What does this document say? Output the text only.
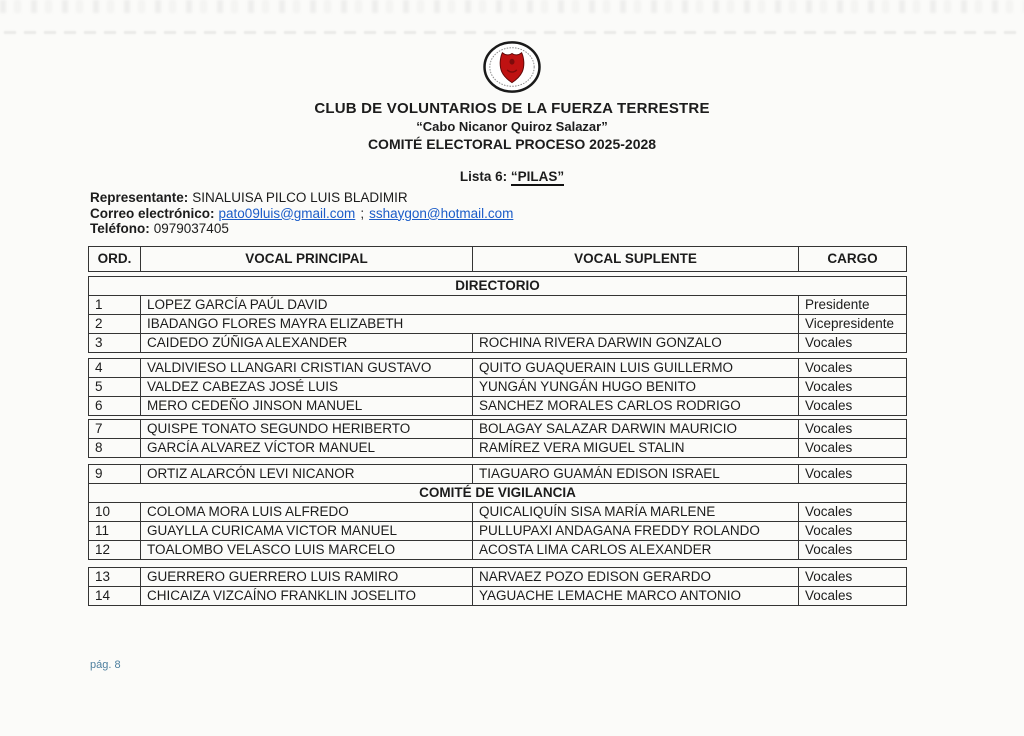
CLUB DE VOLUNTARIOS DE LA FUERZA TERRESTRE
“Cabo Nicanor Quiroz Salazar”
COMITÉ ELECTORAL PROCESO 2025-2028
Lista 6: “PILAS”
Representante: SINALUISA PILCO LUIS BLADIMIR
Correo electrónico: pato09luis@gmail.com ; sshaygon@hotmail.com
Teléfono: 0979037405
ORD.	VOCAL PRINCIPAL	VOCAL SUPLENTE	CARGO

DIRECTORIO			
1	LOPEZ GARCÍA PAÚL DAVID		Presidente
2	IBADANGO FLORES MAYRA ELIZABETH		Vicepresidente
3	CAIDEDO ZÚÑIGA ALEXANDER	ROCHINA RIVERA DARWIN GONZALO	Vocales

4	VALDIVIESO LLANGARI CRISTIAN GUSTAVO	QUITO GUAQUERAIN LUIS GUILLERMO	Vocales
5	VALDEZ CABEZAS JOSÉ LUIS	YUNGÁN YUNGÁN HUGO BENITO	Vocales
6	MERO CEDEÑO JINSON MANUEL	SANCHEZ MORALES CARLOS RODRIGO	Vocales

7	QUISPE TONATO SEGUNDO HERIBERTO	BOLAGAY SALAZAR DARWIN MAURICIO	Vocales
8	GARCÍA ALVAREZ VÍCTOR MANUEL	RAMÍREZ VERA MIGUEL STALIN	Vocales

9	ORTIZ ALARCÓN LEVI NICANOR	TIAGUARO GUAMÁN EDISON ISRAEL	Vocales
COMITÉ DE VIGILANCIA			
10	COLOMA MORA LUIS ALFREDO	QUICALIQUÍN SISA MARÍA MARLENE	Vocales
11	GUAYLLA CURICAMA VICTOR MANUEL	PULLUPAXI ANDAGANA FREDDY ROLANDO	Vocales
12	TOALOMBO VELASCO LUIS MARCELO	ACOSTA LIMA CARLOS ALEXANDER	Vocales

13	GUERRERO GUERRERO LUIS RAMIRO	NARVAEZ POZO EDISON GERARDO	Vocales
14	CHICAIZA VIZCAÍNO FRANKLIN JOSELITO	YAGUACHE LEMACHE MARCO ANTONIO	Vocales
pág. 8
